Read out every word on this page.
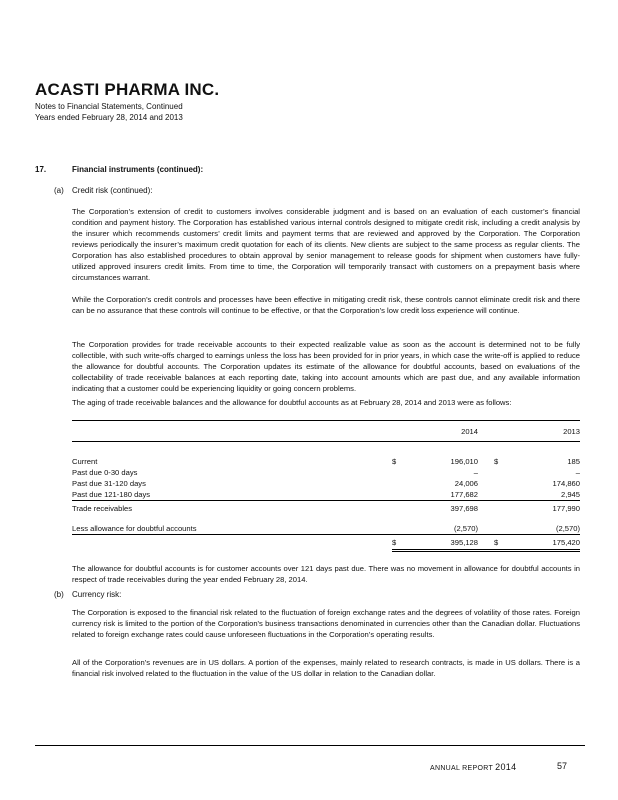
ACASTI PHARMA INC.
Notes to Financial Statements, Continued
Years ended February 28, 2014 and 2013
17.	Financial instruments (continued):
(a) Credit risk (continued):
The Corporation’s extension of credit to customers involves considerable judgment and is based on an evaluation of each customer’s financial condition and payment history. The Corporation has established various internal controls designed to mitigate credit risk, including a credit analysis by the insurer which recommends customers’ credit limits and payment terms that are reviewed and approved by the Corporation. The Corporation reviews periodically the insurer’s maximum credit quotation for each of its clients. New clients are subject to the same process as regular clients. The Corporation has also established procedures to obtain approval by senior management to release goods for shipment when customers have fully-utilized approved insurers credit limits. From time to time, the Corporation will temporarily transact with customers on a prepayment basis where circumstances warrant.
While the Corporation’s credit controls and processes have been effective in mitigating credit risk, these controls cannot eliminate credit risk and there can be no assurance that these controls will continue to be effective, or that the Corporation’s low credit loss experience will continue.
The Corporation provides for trade receivable accounts to their expected realizable value as soon as the account is determined not to be fully collectible, with such write-offs charged to earnings unless the loss has been provided for in prior years, in which case the write-off is applied to reduce the allowance for doubtful accounts. The Corporation updates its estimate of the allowance for doubtful accounts, based on evaluations of the collectability of trade receivable balances at each reporting date, taking into account amounts which are past due, and any available information indicating that a customer could be experiencing liquidity or going concern problems.
The aging of trade receivable balances and the allowance for doubtful accounts as at February 28, 2014 and 2013 were as follows:
		2014			2013

Current	$	196,010		$	185
Past due 0-30 days		–			–
Past due 31-120 days		24,006			174,860
Past due 121-180 days		177,682			2,945
Trade receivables		397,698			177,990

Less allowance for doubtful accounts		(2,570)			(2,570)
	$	395,128		$	175,420
The allowance for doubtful accounts is for customer accounts over 121 days past due. There was no movement in allowance for doubtful accounts in respect of trade receivables during the year ended February 28, 2014.
(b) Currency risk:
The Corporation is exposed to the financial risk related to the fluctuation of foreign exchange rates and the degrees of volatility of those rates. Foreign currency risk is limited to the portion of the Corporation's business transactions denominated in currencies other than the Canadian dollar. Fluctuations related to foreign exchange rates could cause unforeseen fluctuations in the Corporation’s operating results.
All of the Corporation’s revenues are in US dollars. A portion of the expenses, mainly related to research contracts, is made in US dollars. There is a financial risk involved related to the fluctuation in the value of the US dollar in relation to the Canadian dollar.
ANNUAL REPORT 2014	57
